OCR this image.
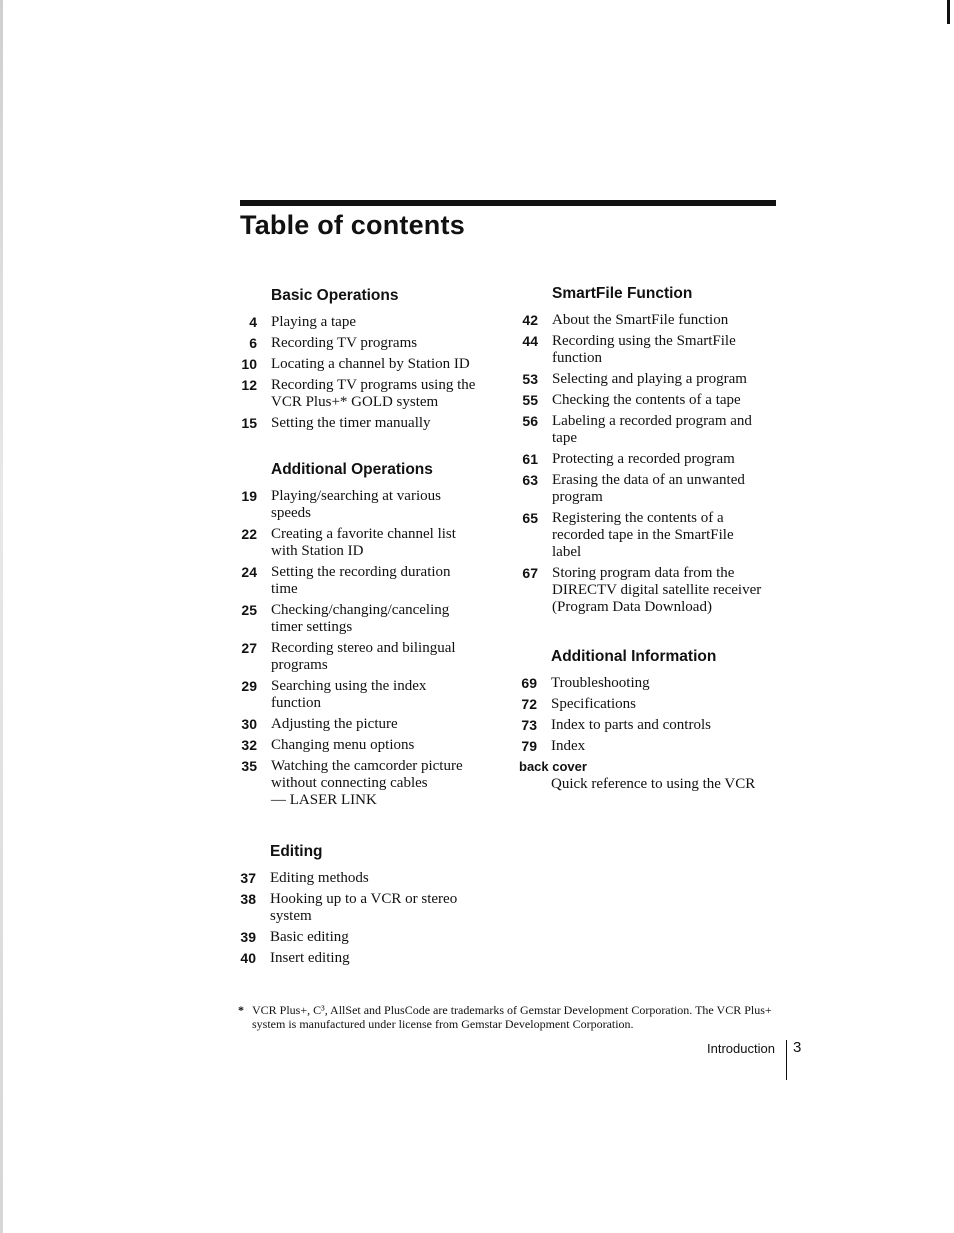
Table of contents
Basic Operations
4 Playing a tape
6 Recording TV programs
10 Locating a channel by Station ID
12 Recording TV programs using the
VCR Plus+* GOLD system
15 Setting the timer manually
Additional Operations
19 Playing/searching at various
speeds
22 Creating a favorite channel list
with Station ID
24 Setting the recording duration
time
25 Checking/changing/canceling
timer settings
27 Recording stereo and bilingual
programs
29 Searching using the index
function
30 Adjusting the picture
32 Changing menu options
35 Watching the camcorder picture
without connecting cables
— LASER LINK
Editing
37 Editing methods
38 Hooking up to a VCR or stereo
system
39 Basic editing
40 Insert editing
SmartFile Function
42 About the SmartFile function
44 Recording using the SmartFile
function
53 Selecting and playing a program
55 Checking the contents of a tape
56 Labeling a recorded program and
tape
61 Protecting a recorded program
63 Erasing the data of an unwanted
program
65 Registering the contents of a
recorded tape in the SmartFile
label
67 Storing program data from the
DIRECTV digital satellite receiver
(Program Data Download)
Additional Information
69 Troubleshooting
72 Specifications
73 Index to parts and controls
79 Index
back cover
Quick reference to using the VCR
* VCR Plus+, C³, AllSet and PlusCode are trademarks of Gemstar Development Corporation. The VCR Plus+ system is manufactured under license from Gemstar Development Corporation.
Introduction 3
